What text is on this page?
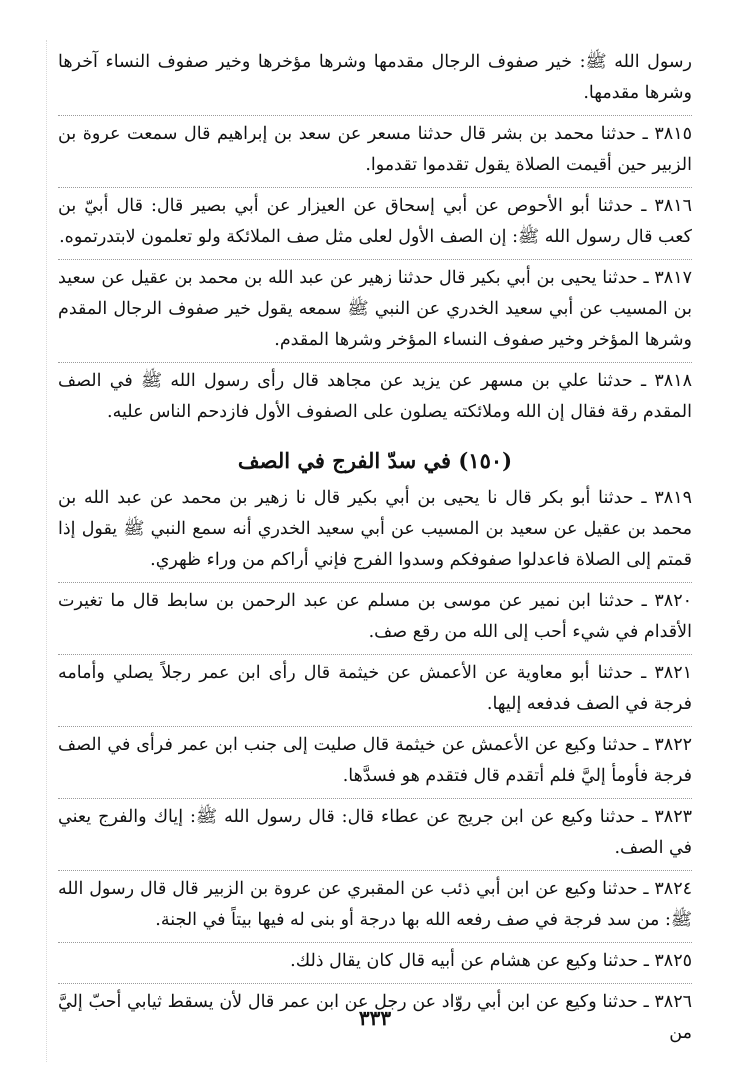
رسول الله ﷺ: خير صفوف الرجال مقدمها وشرها مؤخرها وخير صفوف النساء آخرها وشرها مقدمها.

٣٨١٥ ـ حدثنا محمد بن بشر قال حدثنا مسعر عن سعد بن إبراهيم قال سمعت عروة بن الزبير حين أقيمت الصلاة يقول تقدموا تقدموا.

٣٨١٦ ـ حدثنا أبو الأحوص عن أبي إسحاق عن العيزار عن أبي بصير قال: قال أبيّ بن كعب قال رسول الله ﷺ: إن الصف الأول لعلى مثل صف الملائكة ولو تعلمون لابتدرتموه.

٣٨١٧ ـ حدثنا يحيى بن أبي بكير قال حدثنا زهير عن عبد الله بن محمد بن عقيل عن سعيد بن المسيب عن أبي سعيد الخدري عن النبي ﷺ سمعه يقول خير صفوف الرجال المقدم وشرها المؤخر وخير صفوف النساء المؤخر وشرها المقدم.

٣٨١٨ ـ حدثنا علي بن مسهر عن يزيد عن مجاهد قال رأى رسول الله ﷺ في الصف المقدم رقة فقال إن الله وملائكته يصلون على الصفوف الأول فازدحم الناس عليه.

(١٥٠) في سدّ الفرج في الصف

٣٨١٩ ـ حدثنا أبو بكر قال نا يحيى بن أبي بكير قال نا زهير بن محمد عن عبد الله بن محمد بن عقيل عن سعيد بن المسيب عن أبي سعيد الخدري أنه سمع النبي ﷺ يقول إذا قمتم إلى الصلاة فاعدلوا صفوفكم وسدوا الفرج فإني أراكم من وراء ظهري.

٣٨٢٠ ـ حدثنا ابن نمير عن موسى بن مسلم عن عبد الرحمن بن سابط قال ما تغيرت الأقدام في شيء أحب إلى الله من رقع صف.

٣٨٢١ ـ حدثنا أبو معاوية عن الأعمش عن خيثمة قال رأى ابن عمر رجلاً يصلي وأمامه فرجة في الصف فدفعه إليها.

٣٨٢٢ ـ حدثنا وكيع عن الأعمش عن خيثمة قال صليت إلى جنب ابن عمر فرأى في الصف فرجة فأومأ إليَّ فلم أتقدم قال فتقدم هو فسدَّها.

٣٨٢٣ ـ حدثنا وكيع عن ابن جريج عن عطاء قال: قال رسول الله ﷺ: إياك والفرج يعني في الصف.

٣٨٢٤ ـ حدثنا وكيع عن ابن أبي ذئب عن المقبري عن عروة بن الزبير قال قال رسول الله ﷺ: من سد فرجة في صف رفعه الله بها درجة أو بنى له فيها بيتاً في الجنة.

٣٨٢٥ ـ حدثنا وكيع عن هشام عن أبيه قال كان يقال ذلك.

٣٨٢٦ ـ حدثنا وكيع عن ابن أبي روّاد عن رجل عن ابن عمر قال لأن يسقط ثيابي أحبّ إليَّ من

٣٣٣
